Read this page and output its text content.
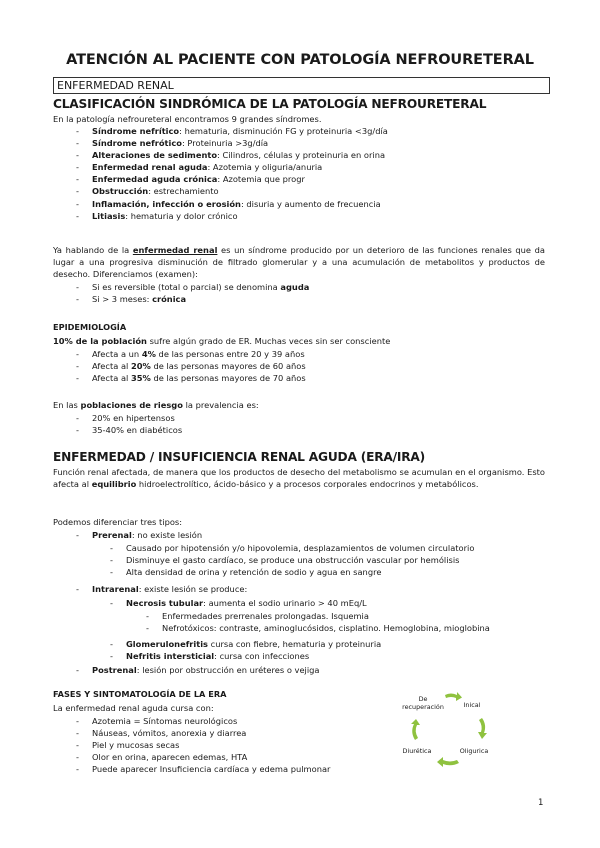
ATENCIÓN AL PACIENTE CON PATOLOGÍA NEFROURETERAL
ENFERMEDAD RENAL
CLASIFICACIÓN SINDRÓMICA DE LA PATOLOGÍA NEFROURETERAL
En la patología nefroureteral encontramos 9 grandes síndromes.
- Síndrome nefrítico: hematuria, disminución FG y proteinuria <3g/día
- Síndrome nefrótico: Proteinuria >3g/día
- Alteraciones de sedimento: Cilindros, células y proteinuria en orina
- Enfermedad renal aguda: Azotemia y oliguria/anuria
- Enfermedad aguda crónica: Azotemia que progr
- Obstrucción: estrechamiento
- Inflamación, infección o erosión: disuria y aumento de frecuencia
- Litiasis: hematuria y dolor crónico
Ya hablando de la enfermedad renal es un síndrome producido por un deterioro de las funciones renales que da lugar a una progresiva disminución de filtrado glomerular y a una acumulación de metabolitos y productos de desecho. Diferenciamos (examen):
- Si es reversible (total o parcial) se denomina aguda
- Si > 3 meses: crónica
EPIDEMIOLOGÍA
10% de la población sufre algún grado de ER. Muchas veces sin ser consciente
- Afecta a un 4% de las personas entre 20 y 39 años
- Afecta al 20% de las personas mayores de 60 años
- Afecta al 35% de las personas mayores de 70 años
En las poblaciones de riesgo la prevalencia es:
- 20% en hipertensos
- 35-40% en diabéticos
ENFERMEDAD / INSUFICIENCIA RENAL AGUDA (ERA/IRA)
Función renal afectada, de manera que los productos de desecho del metabolismo se acumulan en el organismo. Esto afecta al equilibrio hidroelectrolítico, ácido-básico y a procesos corporales endocrinos y metabólicos.
Podemos diferenciar tres tipos:
- Prerenal: no existe lesión
- Causado por hipotensión y/o hipovolemia, desplazamientos de volumen circulatorio
- Disminuye el gasto cardíaco, se produce una obstrucción vascular por hemólisis
- Alta densidad de orina y retención de sodio y agua en sangre
- Intrarenal: existe lesión se produce:
- Necrosis tubular: aumenta el sodio urinario > 40 mEq/L
- Enfermedades prerrenales prolongadas. Isquemia
- Nefrotóxicos: contraste, aminoglucósidos, cisplatino. Hemoglobina, mioglobina
- Glomerulonefritis cursa con fiebre, hematuria y proteinuria
- Nefritis intersticial: cursa con infecciones
- Postrenal: lesión por obstrucción en uréteres o vejiga
FASES Y SINTOMATOLOGÍA DE LA ERA
La enfermedad renal aguda cursa con:
- Azotemia = Síntomas neurológicos
- Náuseas, vómitos, anorexia y diarrea
- Piel y mucosas secas
- Olor en orina, aparecen edemas, HTA
- Puede aparecer Insuficiencia cardíaca y edema pulmonar
De recuperación	Inical
Oligurica
Diurética
1
